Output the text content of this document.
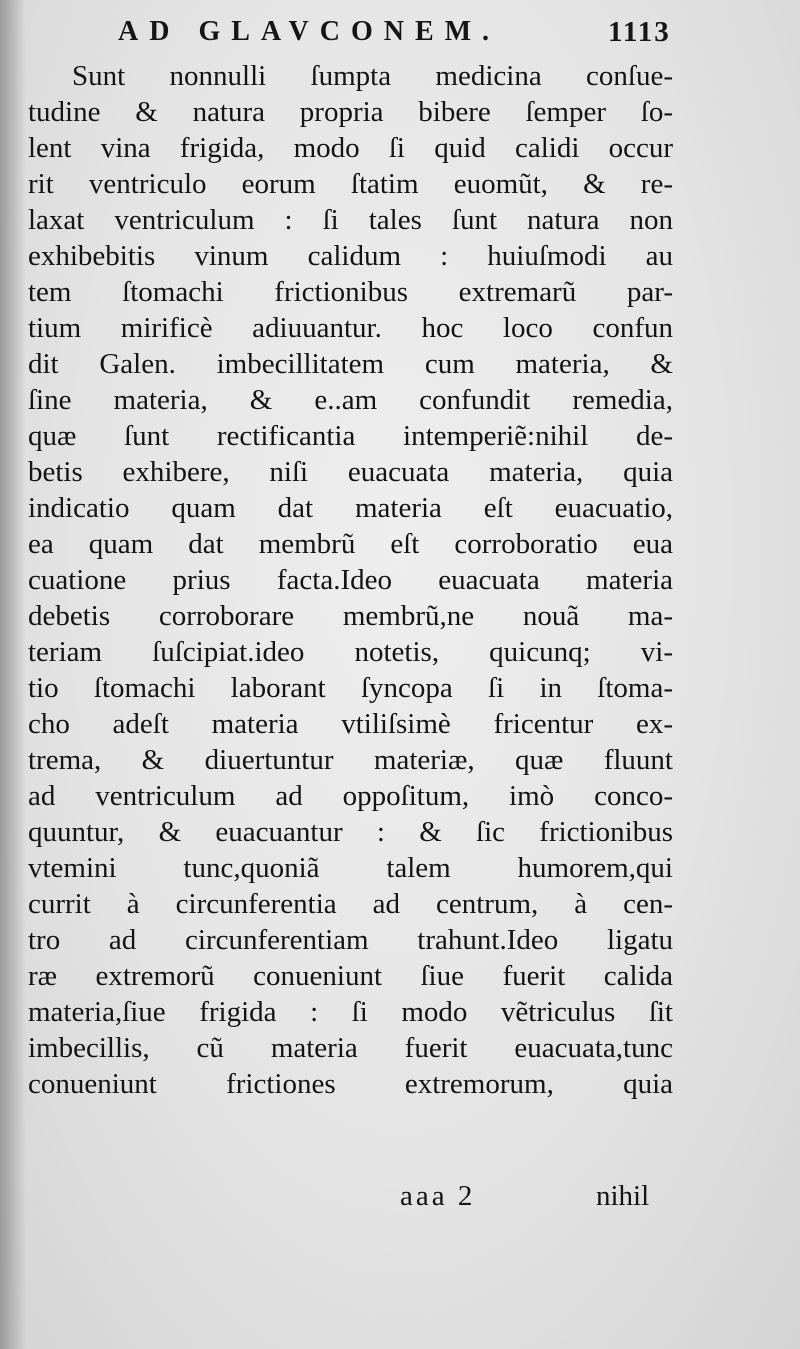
AD GLAVCONEM.	1113
Sunt nonnulli ſumpta medicina conſue-
tudine & natura propria bibere ſemper ſo-
lent vina frigida, modo ſi quid calidi occur
rit ventriculo eorum ſtatim euomũt, & re-
laxat ventriculum : ſi tales ſunt natura non
exhibebitis vinum calidum : huiuſmodi au
tem ſtomachi frictionibus extremarũ par-
tium mirificè adiuuantur. hoc loco confun
dit Galen. imbecillitatem cum materia, &
ſine materia, & e..am confundit remedia,
quæ ſunt rectificantia intemperiẽ:nihil de-
betis exhibere, niſi euacuata materia, quia
indicatio quam dat materia eſt euacuatio,
ea quam dat membrũ eſt corroboratio eua
cuatione prius facta.Ideo euacuata materia
debetis corroborare membrũ,ne nouã ma-
teriam ſuſcipiat.ideo notetis, quicunq; vi-
tio ſtomachi laborant ſyncopa ſi in ſtoma-
cho adeſt materia vtiliſsimè fricentur ex-
trema, & diuertuntur materiæ, quæ fluunt
ad ventriculum ad oppoſitum, imò conco-
quuntur, & euacuantur : & ſic frictionibus
vtemini tunc,quoniã talem humorem,qui
currit à circunferentia ad centrum, à cen-
tro ad circunferentiam trahunt.Ideo ligatu
ræ extremorũ conueniunt ſiue fuerit calida
materia,ſiue frigida : ſi modo vẽtriculus ſit
imbecillis, cũ materia fuerit euacuata,tunc
conueniunt frictiones extremorum, quia
aaa 2	nihil
